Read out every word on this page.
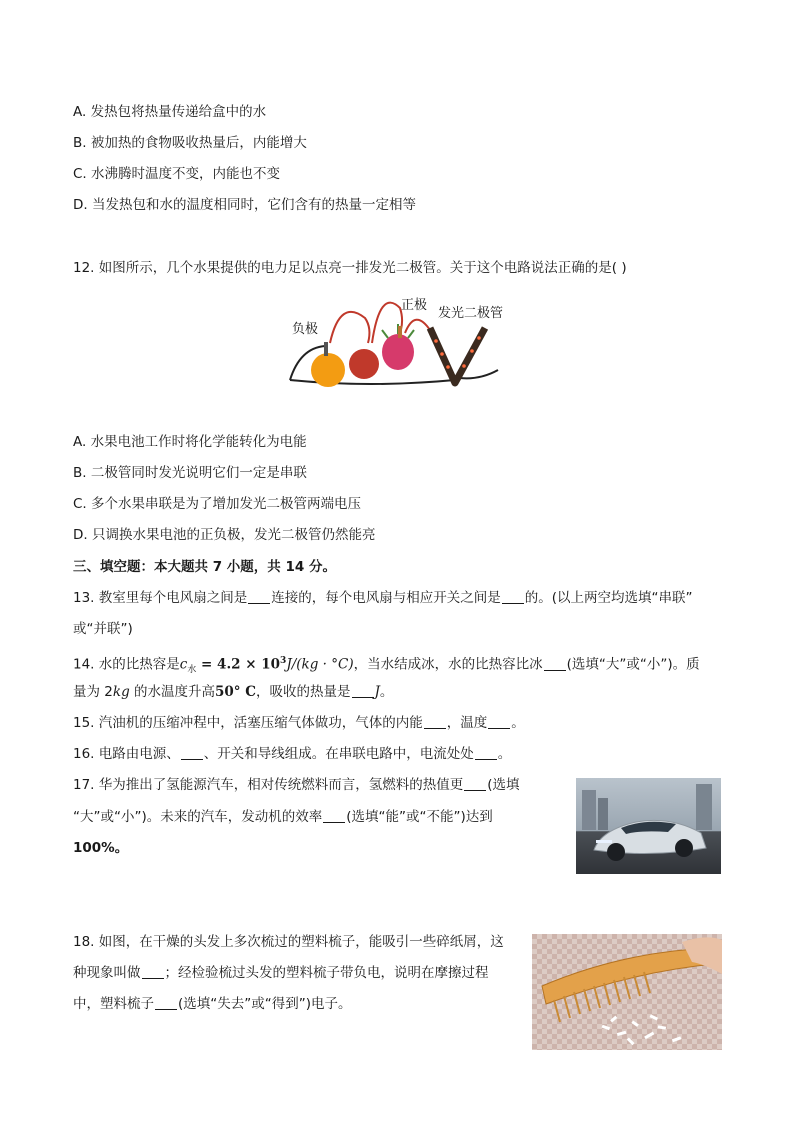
A. 发热包将热量传递给盒中的水
B. 被加热的食物吸收热量后，内能增大
C. 水沸腾时温度不变，内能也不变
D. 当发热包和水的温度相同时，它们含有的热量一定相等
12. 如图所示，几个水果提供的电力足以点亮一排发光二极管。关于这个电路说法正确的是( )
负极
正极
发光二极管
A. 水果电池工作时将化学能转化为电能
B. 二极管同时发光说明它们一定是串联
C. 多个水果串联是为了增加发光二极管两端电压
D. 只调换水果电池的正负极，发光二极管仍然能亮
三、填空题：本大题共 7 小题，共 14 分。
13. 教室里每个电风扇之间是 连接的，每个电风扇与相应开关之间是 的。(以上两空均选填“串联”
或“并联”)
14. 水的比热容是$c_水 = 4.2 \times 10^3J/(kg \cdot ^\circ C)$，当水结成冰，水的比热容比冰 (选填“大”或“小”)。质
量为 2kg 的水温度升高50° C，吸收的热量是 J。
15. 汽油机的压缩冲程中，活塞压缩气体做功，气体的内能 ，温度 。
16. 电路由电源、 、开关和导线组成。在串联电路中，电流处处 。
17. 华为推出了氢能源汽车，相对传统燃料而言，氢燃料的热值更 (选填
“大”或“小”)。未来的汽车，发动机的效率 (选填“能”或“不能”)达到
100%。
18. 如图，在干燥的头发上多次梳过的塑料梳子，能吸引一些碎纸屑，这
种现象叫做 ；经检验梳过头发的塑料梳子带负电，说明在摩擦过程
中，塑料梳子 (选填“失去”或“得到”)电子。
